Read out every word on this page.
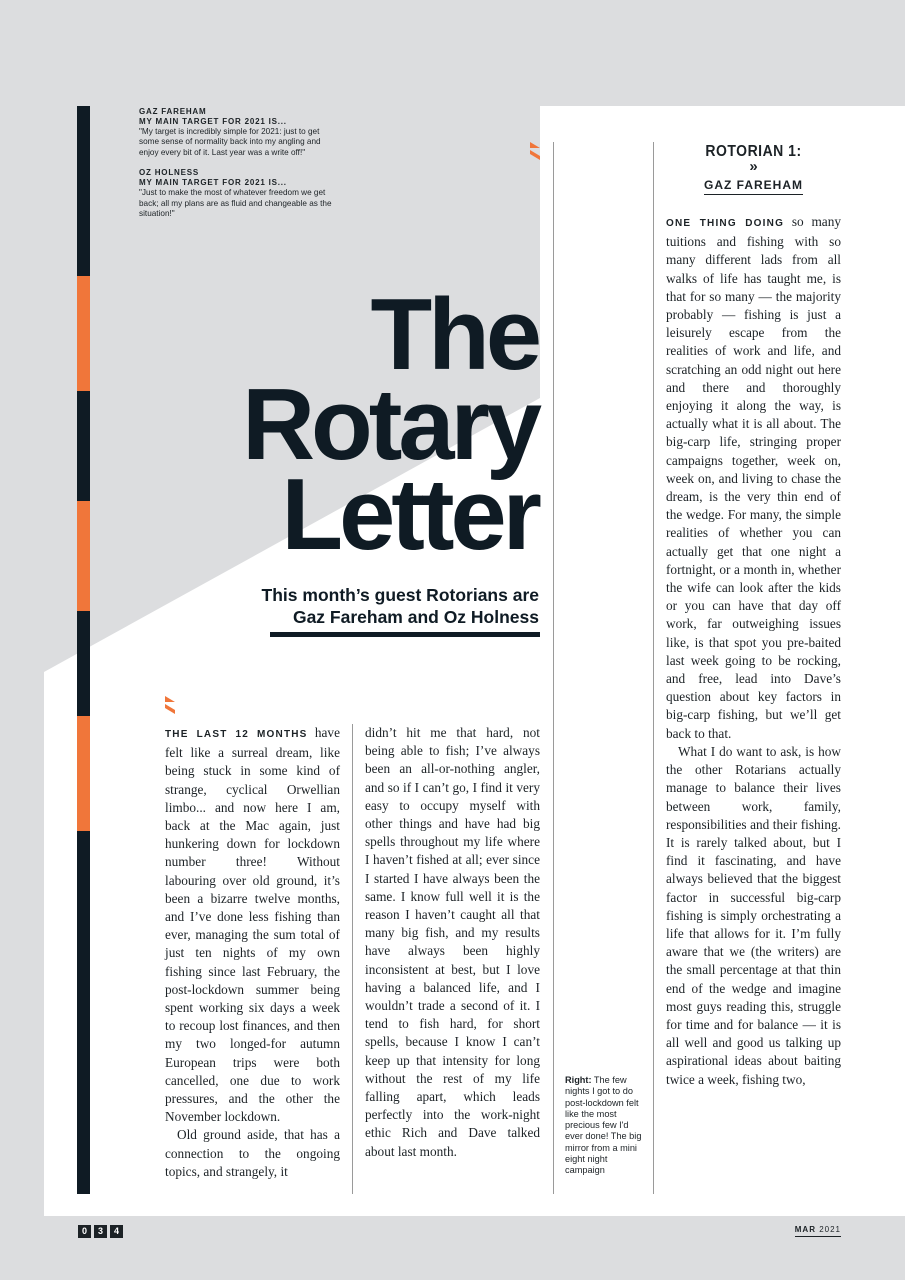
GAZ FAREHAM
MY MAIN TARGET FOR 2021 IS...
"My target is incredibly simple for 2021: just to get some sense of normality back into my angling and enjoy every bit of it. Last year was a write off!"
OZ HOLNESS
MY MAIN TARGET FOR 2021 IS...
"Just to make the most of whatever freedom we get back; all my plans are as fluid and changeable as the situation!"
The
Rotary
Letter
This month’s guest Rotorians are
Gaz Fareham and Oz Holness
ROTORIAN 1:
»
GAZ FAREHAM

THE LAST 12 MONTHS have felt like a surreal dream, like being stuck in some kind of strange, cyclical Orwellian limbo... and now here I am, back at the Mac again, just hunkering down for lockdown number three! Without labouring over old ground, it’s been a bizarre twelve months, and I’ve done less fishing than ever, managing the sum total of just ten nights of my own fishing since last February, the post-lockdown summer being spent working six days a week to recoup lost finances, and then my two longed-for autumn European trips were both cancelled, one due to work pressures, and the other the November lockdown.

Old ground aside, that has a connection to the ongoing topics, and strangely, it

didn’t hit me that hard, not being able to fish; I’ve always been an all-or-nothing angler, and so if I can’t go, I find it very easy to occupy myself with other things and have had big spells throughout my life where I haven’t fished at all; ever since I started I have always been the same. I know full well it is the reason I haven’t caught all that many big fish, and my results have always been highly inconsistent at best, but I love having a balanced life, and I wouldn’t trade a second of it. I tend to fish hard, for short spells, because I know I can’t keep up that intensity for long without the rest of my life falling apart, which leads perfectly into the work-night ethic Rich and Dave talked about last month.

ONE THING DOING so many tuitions and fishing with so many different lads from all walks of life has taught me, is that for so many — the majority probably — fishing is just a leisurely escape from the realities of work and life, and scratching an odd night out here and there and thoroughly enjoying it along the way, is actually what it is all about. The big-carp life, stringing proper campaigns together, week on, week on, and living to chase the dream, is the very thin end of the wedge. For many, the simple realities of whether you can actually get that one night a fortnight, or a month in, whether the wife can look after the kids or you can have that day off work, far outweighing issues like, is that spot you pre-baited last week going to be rocking, and free, lead into Dave’s question about key factors in big-carp fishing, but we’ll get back to that.

What I do want to ask, is how the other Rotarians actually manage to balance their lives between work, family, responsibilities and their fishing. It is rarely talked about, but I find it fascinating, and have always believed that the biggest factor in successful big-carp fishing is simply orchestrating a life that allows for it. I’m fully aware that we (the writers) are the small percentage at that thin end of the wedge and imagine most guys reading this, struggle for time and for balance — it is all well and good us talking up aspirational ideas about baiting twice a week, fishing two,

Right: The few nights I got to do post-lockdown felt like the most precious few I'd ever done! The big mirror from a mini eight night campaign
0	3	4	MAR 2021
